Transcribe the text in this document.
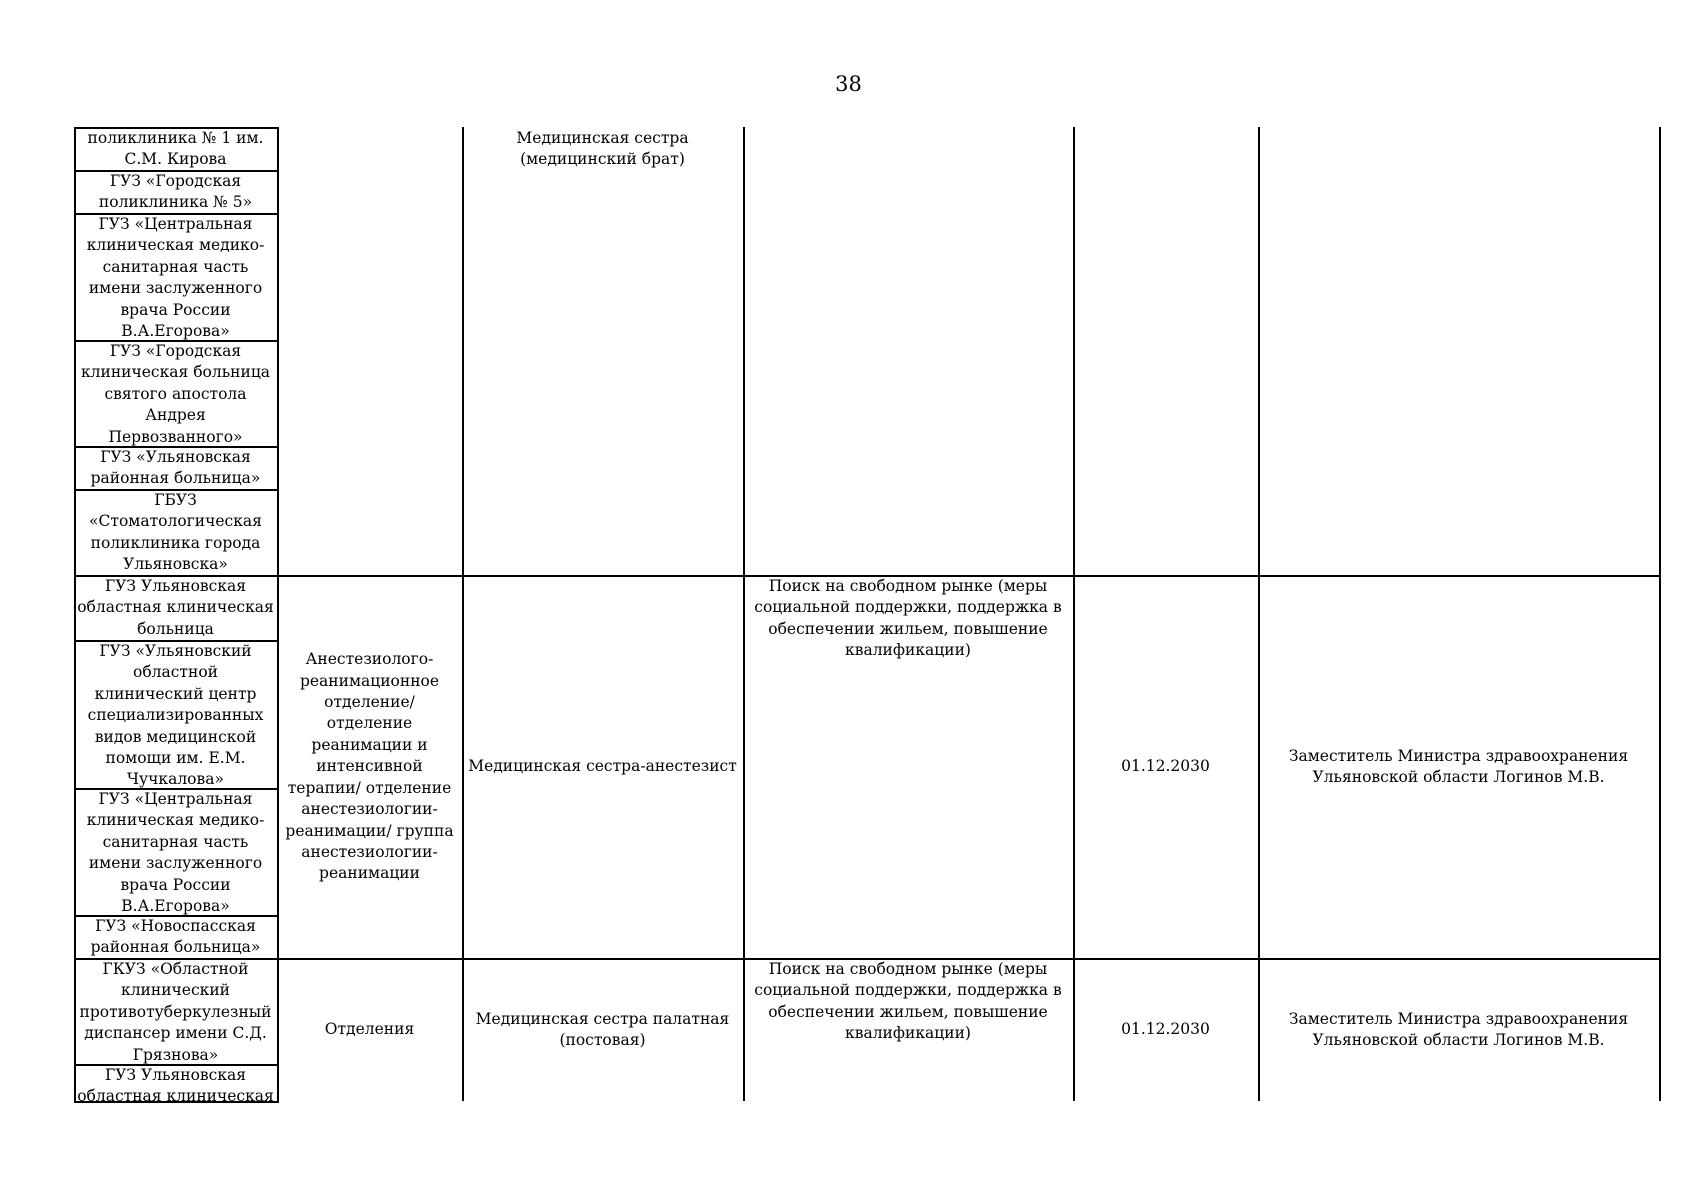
38
поликлиника № 1 им.
С.М. Кирова
ГУЗ «Городская
поликлиника № 5»
ГУЗ «Центральная
клиническая медико-
санитарная часть
имени заслуженного
врача России
В.А.Егорова»
ГУЗ «Городская
клиническая больница
святого апостола
Андрея
Первозванного»
ГУЗ «Ульяновская
районная больница»
ГБУЗ
«Стоматологическая
поликлиника города
Ульяновска»
Медицинская сестра
(медицинский брат)
ГУЗ Ульяновская
областная клиническая
больница
ГУЗ «Ульяновский
областной
клинический центр
специализированных
видов медицинской
помощи им. Е.М.
Чучкалова»
ГУЗ «Центральная
клиническая медико-
санитарная часть
имени заслуженного
врача России
В.А.Егорова»
ГУЗ «Новоспасская
районная больница»
Анестезиолого-
реанимационное
отделение/
отделение
реанимации и
интенсивной
терапии/ отделение
анестезиологии-
реанимации/ группа
анестезиологии-
реанимации
Медицинская сестра-анестезист
Поиск на свободном рынке (меры
социальной поддержки, поддержка в
обеспечении жильем, повышение
квалификации)
01.12.2030
Заместитель Министра здравоохранения
Ульяновской области Логинов М.В.
ГКУЗ «Областной
клинический
противотуберкулезный
диспансер имени С.Д.
Грязнова»
ГУЗ Ульяновская
областная клиническая
Отделения
Медицинская сестра палатная
(постовая)
Поиск на свободном рынке (меры
социальной поддержки, поддержка в
обеспечении жильем, повышение
квалификации)	01.12.2030
Заместитель Министра здравоохранения
Ульяновской области Логинов М.В.
